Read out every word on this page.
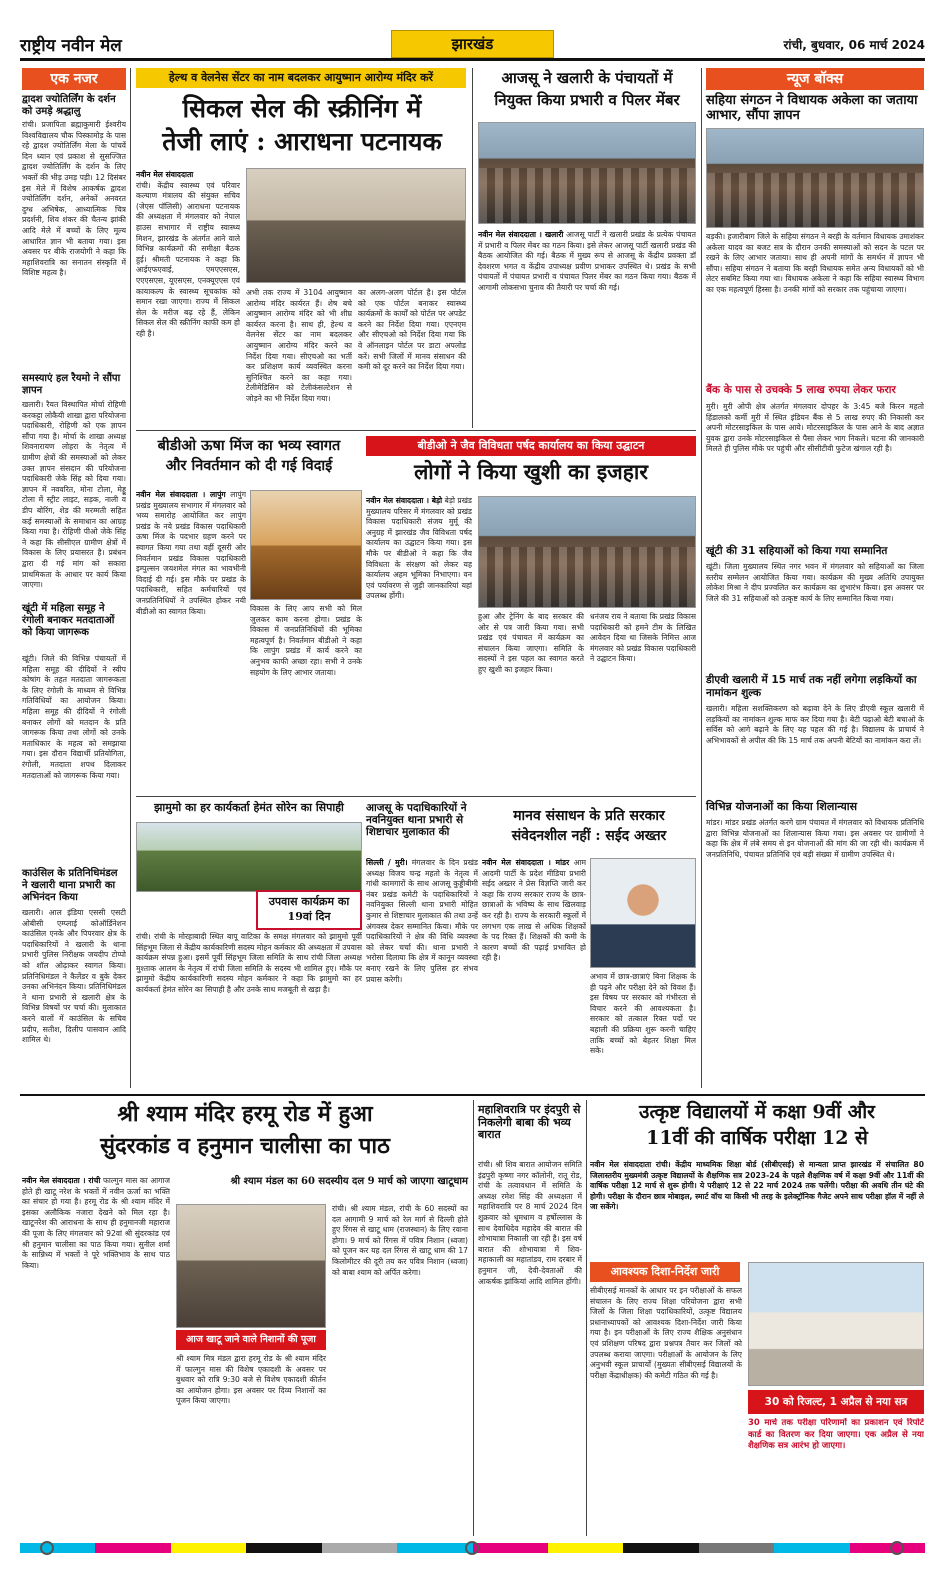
राष्ट्रीय नवीन मेल	झारखंड	रांची, बुधवार, 06 मार्च 2024
एक नजर
द्वादश ज्योतिर्लिंग के दर्शन को उमड़े श्रद्धालु
रांची। प्रजापिता ब्रह्माकुमारी ईश्वरीय विश्वविद्यालय चौक पिस्कामोड़ के पास रहे द्वादश ज्योतिर्लिंग मेला के पांचवें दिन ध्यान एवं प्रकाश से सुसज्जित द्वादश ज्योतिर्लिंग के दर्शन के लिए भक्तों की भीड़ उमड़ पड़ी। 12 दिसंबर इस मेले में विशेष आकर्षक द्वादश ज्योतिर्लिंग दर्शन, अनेकों अनवरत दुग्ध अभिषेक, आध्यात्मिक चित्र प्रदर्शनी, शिव शंकर की चैतन्य झांकी आदि मेले में बच्चों के लिए मूल्य आधारित ज्ञान भी बताया गया। इस अवसर पर बीके राजयोगी ने कहा कि महाशिवरात्रि का सनातन संस्कृति में विशिष्ट महत्व है।
समस्याएं हल रैयमो ने सौंपा ज्ञापन
खलारी। रैयत विस्थापित मोर्चा रोहिणी करकट्टा लोकैयी शाखा द्वारा परियोजना पदाधिकारी, रोहिणी को एक ज्ञापन सौंपा गया है। मोर्चा के शाखा अध्यक्ष शिवनारायण लोहरा के नेतृत्व में ग्रामीण क्षेत्रों की समस्याओं को लेकर उक्त ज्ञापन संसदान की परियोजना पदाधिकारी जेके सिंह को दिया गया। ज्ञापन में नववरित, मोना टोला, मेड्डू टोला में स्ट्रीट लाइट, सड़क, नाली व डीप बोरिंग, शेड की मरम्मती सहित कई समस्याओं के समाधान का आग्रह किया गया है। रोहिणी पीओ जेके सिंह ने कहा कि सीसीएल ग्रामीण क्षेत्रों में विकास के लिए प्रयासरत है। प्रबंधन द्वारा दी गई मांग को सकारा प्राथमिकता के आधार पर कार्य किया जाएगा।
खूंटी में महिला समूह ने रंगोली बनाकर मतदाताओं को किया जागरूक
खूंटी। जिले की विभिन्न पंचायतों में महिला समूह की दीदियों ने स्वीप कोषांग के तहत मतदाता जागरूकता के लिए रंगोली के माध्यम से विभिन्न गतिविधियों का आयोजन किया। महिला समूह की दीदियों ने रंगोली बनाकर लोगों को मतदान के प्रति जागरूक किया तथा लोगों को उनके मताधिकार के महत्व को समझाया गया। इस दौरान विद्यार्थी प्रतियोगिता, रंगोली, मतदाता शपथ दिलाकर मतदाताओं को जागरूक किया गया।
काउंसिल के प्रतिनिधिमंडल ने खलारी थाना प्रभारी का अभिनंदन किया
खलारी। आल इंडिया एससी एसटी ओबीसी एम्प्लाई कोऑर्डिनेशन काउंसिल एनके और पिपरवार क्षेत्र के पदाधिकारियों ने खलारी के थाना प्रभारी पुलिस निरीक्षक जयदीप टोप्पो को शॉल ओढ़ाकर स्वागत किया। प्रतिनिधिमंडल ने कैलेंडर व बुके देकर उनका अभिनंदन किया। प्रतिनिधिमंडल ने थाना प्रभारी से खलारी क्षेत्र के विभिन्न विषयों पर चर्चा की। मुलाकात करने वालों में काउंसिल के सचिव प्रदीप, सतीश, दिलीप पासवान आदि शामिल थे।
हेल्थ व वेलनेस सेंटर का नाम बदलकर आयुष्मान आरोग्य मंदिर करें
सिकल सेल की स्क्रीनिंग में
तेजी लाएं : आराधना पटनायक
नवीन मेल संवाददाता
रांची। केंद्रीय स्वास्थ्य एवं परिवार कल्याण मंत्रालय की संयुक्त सचिव (जेएस पॉलिसी) आराधना पटनायक की अध्यक्षता में मंगलवार को नेपाल हाउस सभागार में राष्ट्रीय स्वास्थ्य मिशन, झारखंड के अंतर्गत आने वाले विभिन्न कार्यक्रमों की समीक्षा बैठक हुई। श्रीमती पटनायक ने कहा कि आईएफएवाई, एमएएसएस, एएएसएस, यूएसएस, एनक्यूएएस एवं कायाकल्प के स्वास्थ्य सूचकांक को समान रखा जाएगा। राज्य में सिकल सेल के मरीज बढ़ रहे हैं, लेकिन सिकल सेल की स्क्रीनिंग काफी कम हो रही है।
अभी तक राज्य में 3104 आयुष्मान आरोग्य मंदिर कार्यरत हैं। शेष बचे आयुष्मान आरोग्य मंदिर को भी शीघ्र कार्यरत करना है। साथ ही, हेल्थ व वेलनेस सेंटर का नाम बदलकर आयुष्मान आरोग्य मंदिर करने का निर्देश दिया गया। सीएचओ का भर्ती कर प्रशिक्षण कार्य व्यवस्थित करना सुनिश्चित करने का कहा गया। टेलीमेडिसिन को टेलीकंसल्टेशन से जोड़ने का भी निर्देश दिया गया।
का अलग-अलग पोर्टल है। इस पोर्टल को एक पोर्टल बनाकर स्वास्थ्य कार्यक्रमों के कार्यों को पोर्टल पर अपडेट करने का निर्देश दिया गया। एएनएम और सीएचओ को निर्देश दिया गया कि वे ऑनलाइन पोर्टल पर डाटा अपलोड करें। सभी जिलों में मानव संसाधन की कमी को दूर करने का निर्देश दिया गया।
आजसू ने खलारी के पंचायतों में
नियुक्त किया प्रभारी व पिलर मेंबर
नवीन मेल संवाददाता । खलारी आजसू पार्टी ने खलारी प्रखंड के प्रत्येक पंचायत में प्रभारी व पिलर मेंबर का गठन किया। इसे लेकर आजसू पार्टी खलारी प्रखंड की बैठक आयोजित की गई। बैठक में मुख्य रूप से आजसू के केंद्रीय प्रवक्ता डॉ देवशरण भगत व केंद्रीय उपाध्यक्ष प्रवीण प्रभाकर उपस्थित थे। प्रखंड के सभी पंचायतों में पंचायत प्रभारी व पंचायत पिलर मेंबर का गठन किया गया। बैठक में आगामी लोकसभा चुनाव की तैयारी पर चर्चा की गई।
न्यूज बॉक्स
सहिया संगठन ने विधायक अकेला का जताया आभार, सौंपा ज्ञापन
बड़की। हजारीबाग जिले के सहिया संगठन ने बरही के वर्तमान विधायक उमाशंकर अकेला यादव का बजट सत्र के दौरान उनकी समस्याओं को सदन के पटल पर रखने के लिए आभार जताया। साथ ही अपनी मांगों के समर्थन में ज्ञापन भी सौंपा। सहिया संगठन ने बताया कि बरही विधायक समेत अन्य विधायकों को भी लेटर सबमिट किया गया था। विधायक अकेला ने कहा कि सहिया स्वास्थ्य विभाग का एक महत्वपूर्ण हिस्सा है। उनकी मांगों को सरकार तक पहुंचाया जाएगा।
बैंक के पास से उचक्के 5 लाख रुपया लेकर फरार
मुरी। मुरी ओपी क्षेत्र अंतर्गत मंगलवार दोपहर के 3:45 बजे किरन महतो हिंडालको कर्मी मुरी में स्थित इंडियन बैंक से 5 लाख रुपए की निकासी कर अपनी मोटरसाइकिल के पास आये। मोटरसाइकिल के पास आने के बाद अज्ञात युवक द्वारा उनके मोटरसाइकिल से पैसा लेकर भाग निकले। घटना की जानकारी मिलते ही पुलिस मौके पर पहुंची और सीसीटीवी फुटेज खंगाल रही है।
खूंटी की 31 सहियाओं को किया गया सम्मानित
खूंटी। जिला मुख्यालय स्थित नगर भवन में मंगलवार को सहियाओं का जिला स्तरीय सम्मेलन आयोजित किया गया। कार्यक्रम की मुख्य अतिथि उपायुक्त लोकेश मिश्रा ने दीप प्रज्वलित कर कार्यक्रम का शुभारंभ किया। इस अवसर पर जिले की 31 सहियाओं को उत्कृष्ट कार्य के लिए सम्मानित किया गया।
डीएवी खलारी में 15 मार्च तक नहीं लगेगा लड़कियों का नामांकन शुल्क
खलारी। महिला सशक्तिकरण को बढ़ावा देने के लिए डीएवी स्कूल खलारी में लड़कियों का नामांकन शुल्क माफ कर दिया गया है। बेटी पढ़ाओ बेटी बचाओ के सर्विस को आगे बढ़ाने के लिए यह पहल की गई है। विद्यालय के प्राचार्य ने अभिभावकों से अपील की कि 15 मार्च तक अपनी बेटियों का नामांकन करा लें।
विभिन्न योजनाओं का किया शिलान्यास
मांडर। मांडर प्रखंड अंतर्गत करगे ग्राम पंचायत में मंगलवार को विधायक प्रतिनिधि द्वारा विभिन्न योजनाओं का शिलान्यास किया गया। इस अवसर पर ग्रामीणों ने कहा कि क्षेत्र में लंबे समय से इन योजनाओं की मांग की जा रही थी। कार्यक्रम में जनप्रतिनिधि, पंचायत प्रतिनिधि एवं बड़ी संख्या में ग्रामीण उपस्थित थे।
बीडीओ ऊषा मिंज का भव्य स्वागत
और निवर्तमान को दी गई विदाई
नवीन मेल संवाददाता । लापुंग लापुंग प्रखंड मुख्यालय सभागार में मंगलवार को भव्य समारोह आयोजित कर लापुंग प्रखंड के नये प्रखंड विकास पदाधिकारी ऊषा मिंज के पदभार ग्रहण करने पर स्वागत किया गया तथा वहीं दूसरी ओर निवर्तमान प्रखंड विकास पदाधिकारी इम्पुल्सन जयशमेल मंगल का भावभीनी विदाई दी गई। इस मौके पर प्रखंड के पदाधिकारी, सहित कर्मचारियों एवं जनप्रतिनिधियों ने उपस्थित होकर नयी बीडीओ का स्वागत किया।	विकास के लिए आप सभी को मिल जुलकर काम करना होगा। प्रखंड के विकास में जनप्रतिनिधियों की भूमिका महत्वपूर्ण है। निवर्तमान बीडीओ ने कहा कि लापुंग प्रखंड में कार्य करने का अनुभव काफी अच्छा रहा। सभी ने उनके सहयोग के लिए आभार जताया।
बीडीओ ने जैव विविधता पर्षद कार्यालय का किया उद्घाटन
लोगों ने किया खुशी का इजहार
नवीन मेल संवाददाता । बेड़ो बेड़ो प्रखंड मुख्यालय परिसर में मंगलवार को प्रखंड विकास पदाधिकारी संजय मुर्मू की अनुग्रह में झारखंड जैव विविधता पर्षद कार्यालय का उद्घाटन किया गया। इस मौके पर बीडीओ ने कहा कि जैव विविधता के संरक्षण को लेकर यह कार्यालय अहम भूमिका निभाएगा। वन एवं पर्यावरण से जुड़ी जानकारियां यहां उपलब्ध होंगी।
हुआ और ट्रेनिंग के बाद सरकार की ओर से पत्र जारी किया गया। सभी प्रखंड एवं पंचायत में कार्यक्रम का संचालन किया जाएगा। समिति के सदस्यों ने इस पहल का स्वागत करते हुए खुशी का इजहार किया।
धनंजय राय ने बताया कि प्रखंड विकास पदाधिकारी को हमने टीम के लिखित आवेदन दिया था जिसके निमित्त आज मंगलवार को प्रखंड विकास पदाधिकारी ने उद्घाटन किया।
झामुमो का हर कार्यकर्ता हेमंत सोरेन का सिपाही
उपवास कार्यक्रम का 19वां दिन
रांची। रांची के मोरहाबादी स्थित बापू वाटिका के समक्ष मंगलवार को झामुमो पूर्वी सिंहभूम जिला से केंद्रीय कार्यकारिणी सदस्य मोहन कर्मकार की अध्यक्षता में उपवास कार्यक्रम संपन्न हुआ। इसमें पूर्वी सिंहभूम जिला समिति के साथ रांची जिला अध्यक्ष मुश्ताक आलम के नेतृत्व में रांची जिला समिति के सदस्य भी शामिल हुए। मौके पर झामुमो केंद्रीय कार्यकारिणी सदस्य मोहन कर्मकार ने कहा कि झामुमो का हर कार्यकर्ता हेमंत सोरेन का सिपाही है और उनके साथ मजबूती से खड़ा है।
आजसू के पदाधिकारियों ने नवनियुक्त थाना प्रभारी से शिष्टाचार मुलाकात की
सिल्ली / मुरी। मंगलवार के दिन प्रखंड अध्यक्ष विजय चन्द्र महतो के नेतृत्व में गांधी कामगारों के साथ आजसू कुड्डीबीमी नंबर प्रखंड कमेटी के पदाधिकारियों ने नवनियुक्त सिल्ली थाना प्रभारी मोहित कुमार से शिष्टाचार मुलाकात की तथा उन्हें अंगवस्त्र देकर सम्मानित किया। मौके पर पदाधिकारियों ने क्षेत्र की विधि व्यवस्था को लेकर चर्चा की। थाना प्रभारी ने भरोसा दिलाया कि क्षेत्र में कानून व्यवस्था बनाए रखने के लिए पुलिस हर संभव प्रयास करेगी।
मानव संसाधन के प्रति सरकार
संवेदनशील नहीं : सईद अख्तर
नवीन मेल संवाददाता । मांडर आम आदमी पार्टी के प्रदेश मीडिया प्रभारी सईद अख्तर ने प्रेस विज्ञप्ति जारी कर कहा कि राज्य सरकार राज्य के छात्र-छात्राओं के भविष्य के साथ खिलवाड़ कर रही है। राज्य के सरकारी स्कूलों में लगभग एक लाख से अधिक शिक्षकों के पद रिक्त हैं। शिक्षकों की कमी के कारण बच्चों की पढ़ाई प्रभावित हो रही है।
अभाव में छात्र-छात्राएं बिना शिक्षक के ही पढ़ने और परीक्षा देने को विवश हैं। इस विषय पर सरकार को गंभीरता से विचार करने की आवश्यकता है। सरकार को तत्काल रिक्त पदों पर बहाली की प्रक्रिया शुरू करनी चाहिए ताकि बच्चों को बेहतर शिक्षा मिल सके।
श्री श्याम मंदिर हरमू रोड में हुआ
सुंदरकांड व हनुमान चालीसा का पाठ
नवीन मेल संवाददाता । रांची फाल्गुन मास का आगाज होते ही खाटू नरेश के भक्तों में नवीन ऊर्जा का भक्ति का संचार हो गया है। हरमू रोड के श्री श्याम मंदिर में इसका अलौकिक नजारा देखने को मिल रहा है। खाटूनरेश की आराधना के साथ ही हनुमानजी महाराज की पूजा के लिए मंगलवार को 92वां श्री सुंदरकांड एवं श्री हनुमान चालीसा का पाठ किया गया। सुनील शर्मा के सान्निध्य में भक्तों ने पूरे भक्तिभाव के साथ पाठ किया।
श्री श्याम मंडल का 60 सदस्यीय दल 9 मार्च को जाएगा खाटूधाम
आज खाटू जाने वाले निशानों की पूजा
श्री श्याम मित्र मंडल द्वारा हरमू रोड के श्री श्याम मंदिर में फाल्गुन मास की विशेष एकादशी के अवसर पर बुधवार को रात्रि 9:30 बजे से विशेष एकादशी कीर्तन का आयोजन होगा। इस अवसर पर दिव्य निशानों का पूजन किया जाएगा।
रांची। श्री श्याम मंडल, रांची के 60 सदस्यों का दल आगामी 9 मार्च को रेल मार्ग से दिल्ली होते हुए रिंगस से खाटू धाम (राजस्थान) के लिए रवाना होगा। 9 मार्च को रिंगस में पवित्र निशान (ध्वजा) को पूजन कर यह दल रिंगस से खाटू धाम की 17 किलोमीटर की दूरी तय कर पवित्र निशान (ध्वजा) को बाबा श्याम को अर्पित करेगा।
महाशिवरात्रि पर इंदपुरी से निकलेगी बाबा की भव्य बारात
रांची। श्री शिव बारात आयोजन समिति इंद्रपुरी कृष्णा नगर कॉलोनी, रातू रोड, रांची के तत्वावधान में समिति के अध्यक्ष रमेश सिंह की अध्यक्षता में महाशिवरात्रि पर 8 मार्च 2024 दिन शुक्रवार को धूमधाम व हर्षोल्लास के साथ देवाधिदेव महादेव की बारात की शोभायात्रा निकाली जा रही है। इस वर्ष बारात की शोभायात्रा में शिव-महाकाली का महातांडव, राम दरबार में हनुमान जी, देवी-देवताओं की आकर्षक झांकियां आदि शामिल होंगी।
उत्कृष्ट विद्यालयों में कक्षा 9वीं और
11वीं की वार्षिक परीक्षा 12 से
नवीन मेल संवाददाता रांची। केंद्रीय माध्यमिक शिक्षा बोर्ड (सीबीएसई) से मान्यता प्राप्त झारखंड में संचालित 80 जिलास्तरीय मुख्यमंत्री उत्कृष्ट विद्यालयों के शैक्षणिक सत्र 2023-24 के पहले शैक्षणिक वर्ष में कक्षा 9वीं और 11वीं की वार्षिक परीक्षा 12 मार्च से शुरू होगी। ये परीक्षाएं 12 से 22 मार्च 2024 तक चलेंगी। परीक्षा की अवधि तीन घंटे की होगी। परीक्षा के दौरान छात्र मोबाइल, स्मार्ट वॉच या किसी भी तरह के इलेक्ट्रॉनिक गैजेट अपने साथ परीक्षा हॉल में नहीं ले जा सकेंगे।
आवश्यक दिशा-निर्देश जारी
सीबीएसई मानकों के आधार पर इन परीक्षाओं के सफल संचालन के लिए राज्य शिक्षा परियोजना द्वारा सभी जिलों के जिला शिक्षा पदाधिकारियों, उत्कृष्ट विद्यालय प्रधानाध्यापकों को आवश्यक दिशा-निर्देश जारी किया गया है। इन परीक्षाओं के लिए राज्य शैक्षिक अनुसंधान एवं प्रशिक्षण परिषद द्वारा प्रश्नपत्र तैयार कर जिलों को उपलब्ध कराया जाएगा। परीक्षाओं के आयोजन के लिए अनुभवी स्कूल प्राचार्यों (मुख्यतः सीबीएसई विद्यालयों के परीक्षा केंद्राधीक्षक) की कमेटी गठित की गई है।
30 को रिजल्ट, 1 अप्रैल से नया सत्र
30 मार्च तक परीक्षा परिणामों का प्रकाशन एवं रिपोर्ट कार्ड का वितरण कर दिया जाएगा। एक अप्रैल से नया शैक्षणिक सत्र आरंभ हो जाएगा।
